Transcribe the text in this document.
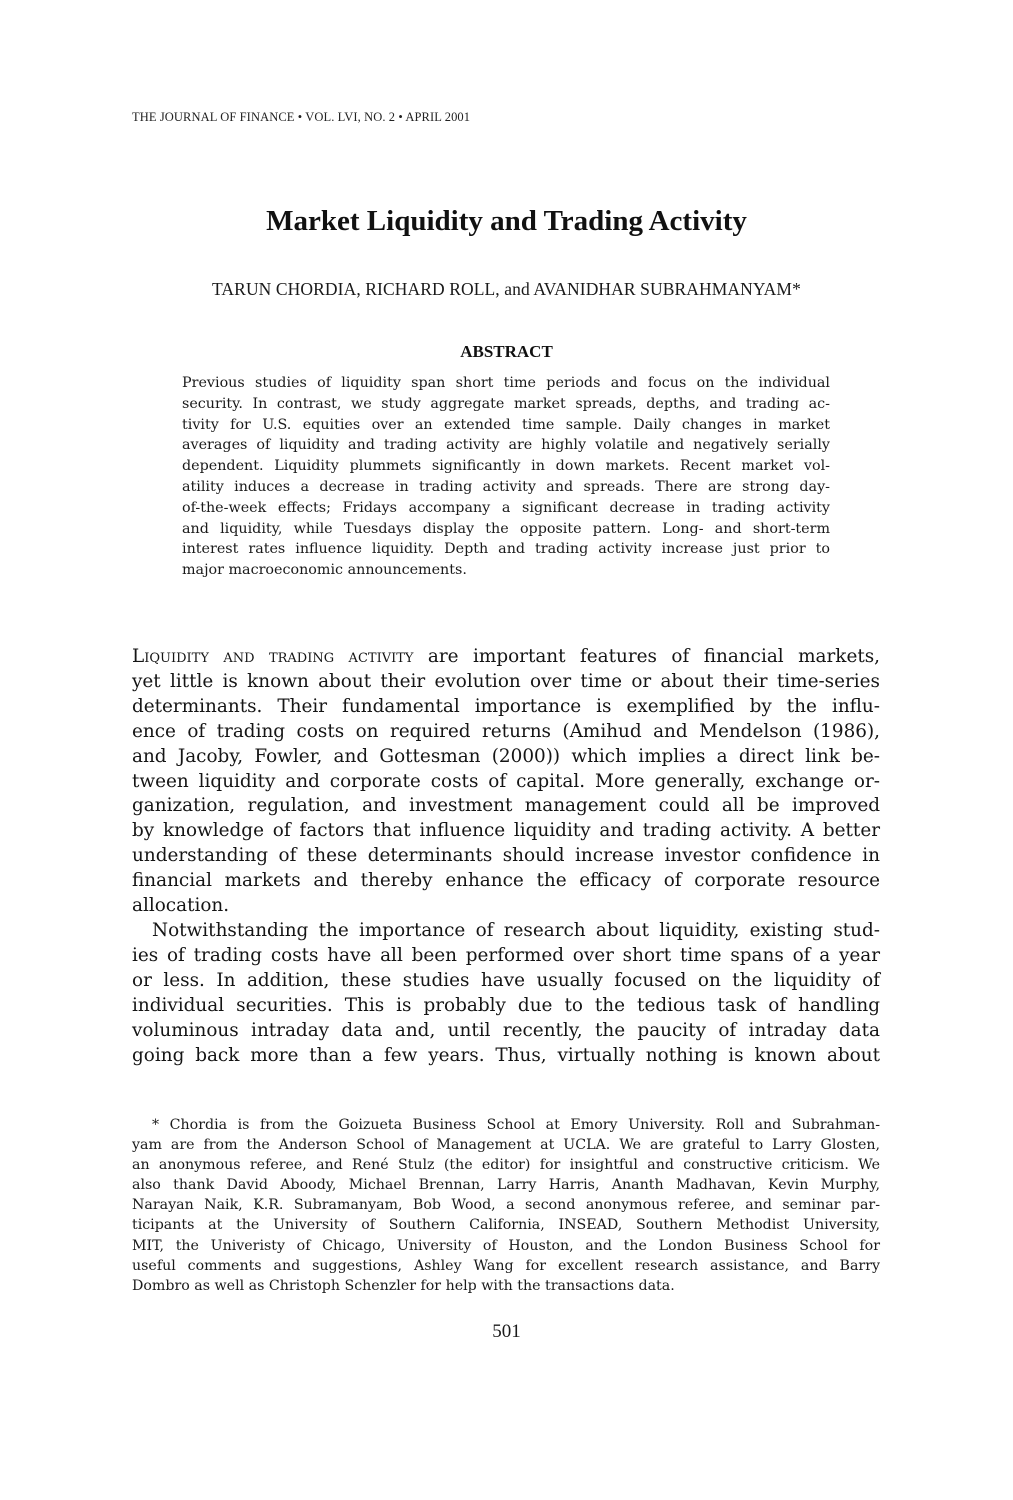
THE JOURNAL OF FINANCE • VOL. LVI, NO. 2 • APRIL 2001
Market Liquidity and Trading Activity
TARUN CHORDIA, RICHARD ROLL, and AVANIDHAR SUBRAHMANYAM*
ABSTRACT
Previous studies of liquidity span short time periods and focus on the individual
security. In contrast, we study aggregate market spreads, depths, and trading ac-
tivity for U.S. equities over an extended time sample. Daily changes in market
averages of liquidity and trading activity are highly volatile and negatively serially
dependent. Liquidity plummets significantly in down markets. Recent market vol-
atility induces a decrease in trading activity and spreads. There are strong day-
of-the-week effects; Fridays accompany a significant decrease in trading activity
and liquidity, while Tuesdays display the opposite pattern. Long- and short-term
interest rates influence liquidity. Depth and trading activity increase just prior to
major macroeconomic announcements.
Liquidity and trading activity are important features of financial markets,
yet little is known about their evolution over time or about their time-series
determinants. Their fundamental importance is exemplified by the influ-
ence of trading costs on required returns (Amihud and Mendelson (1986),
and Jacoby, Fowler, and Gottesman (2000)) which implies a direct link be-
tween liquidity and corporate costs of capital. More generally, exchange or-
ganization, regulation, and investment management could all be improved
by knowledge of factors that influence liquidity and trading activity. A better
understanding of these determinants should increase investor confidence in
financial markets and thereby enhance the efficacy of corporate resource
allocation.
Notwithstanding the importance of research about liquidity, existing stud-
ies of trading costs have all been performed over short time spans of a year
or less. In addition, these studies have usually focused on the liquidity of
individual securities. This is probably due to the tedious task of handling
voluminous intraday data and, until recently, the paucity of intraday data
going back more than a few years. Thus, virtually nothing is known about
* Chordia is from the Goizueta Business School at Emory University. Roll and Subrahman-
yam are from the Anderson School of Management at UCLA. We are grateful to Larry Glosten,
an anonymous referee, and René Stulz (the editor) for insightful and constructive criticism. We
also thank David Aboody, Michael Brennan, Larry Harris, Ananth Madhavan, Kevin Murphy,
Narayan Naik, K.R. Subramanyam, Bob Wood, a second anonymous referee, and seminar par-
ticipants at the University of Southern California, INSEAD, Southern Methodist University,
MIT, the Univeristy of Chicago, University of Houston, and the London Business School for
useful comments and suggestions, Ashley Wang for excellent research assistance, and Barry
Dombro as well as Christoph Schenzler for help with the transactions data.
501
